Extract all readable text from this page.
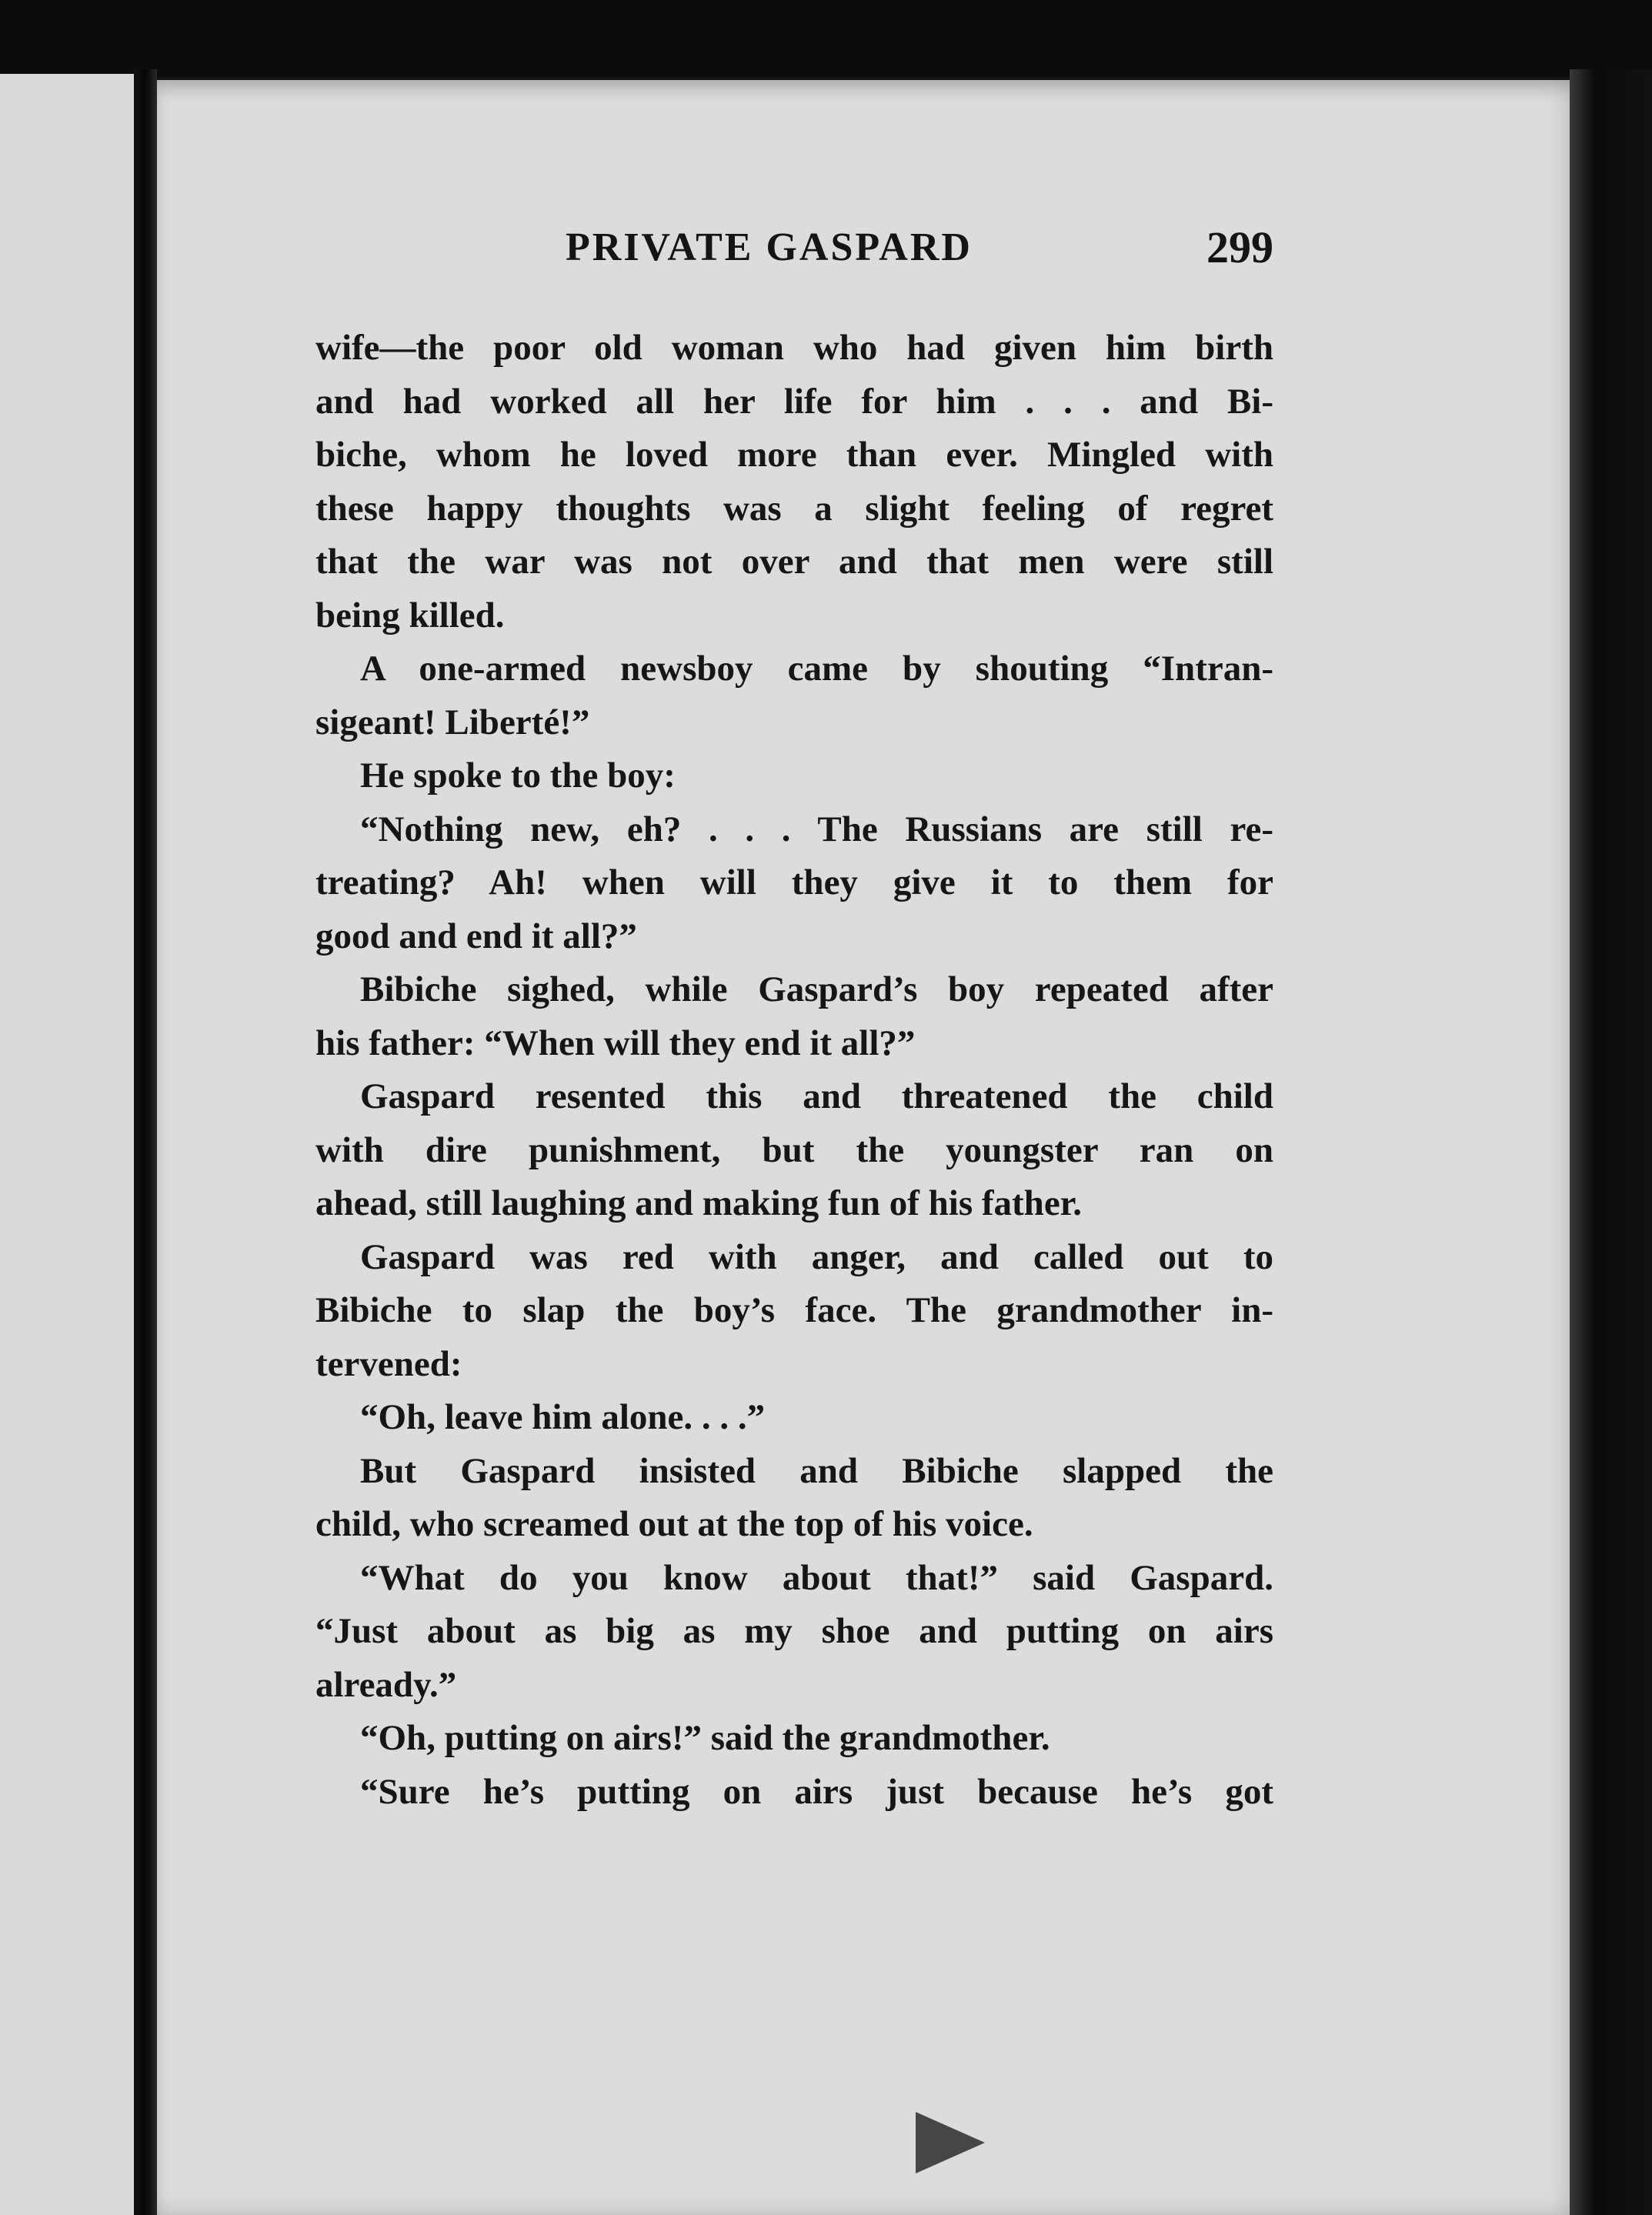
PRIVATE GASPARD	299
wife—the poor old woman who had given him birth
and had worked all her life for him . . . and Bi-
biche, whom he loved more than ever. Mingled with
these happy thoughts was a slight feeling of regret
that the war was not over and that men were still
being killed.
A one-armed newsboy came by shouting “Intran-
sigeant! Liberté!”
He spoke to the boy:
“Nothing new, eh? . . . The Russians are still re-
treating? Ah! when will they give it to them for
good and end it all?”
Bibiche sighed, while Gaspard’s boy repeated after
his father: “When will they end it all?”
Gaspard resented this and threatened the child
with dire punishment, but the youngster ran on
ahead, still laughing and making fun of his father.
Gaspard was red with anger, and called out to
Bibiche to slap the boy’s face. The grandmother in-
tervened:
“Oh, leave him alone. . . .”
But Gaspard insisted and Bibiche slapped the
child, who screamed out at the top of his voice.
“What do you know about that!” said Gaspard.
“Just about as big as my shoe and putting on airs
already.”
“Oh, putting on airs!” said the grandmother.
“Sure he’s putting on airs just because he’s got
